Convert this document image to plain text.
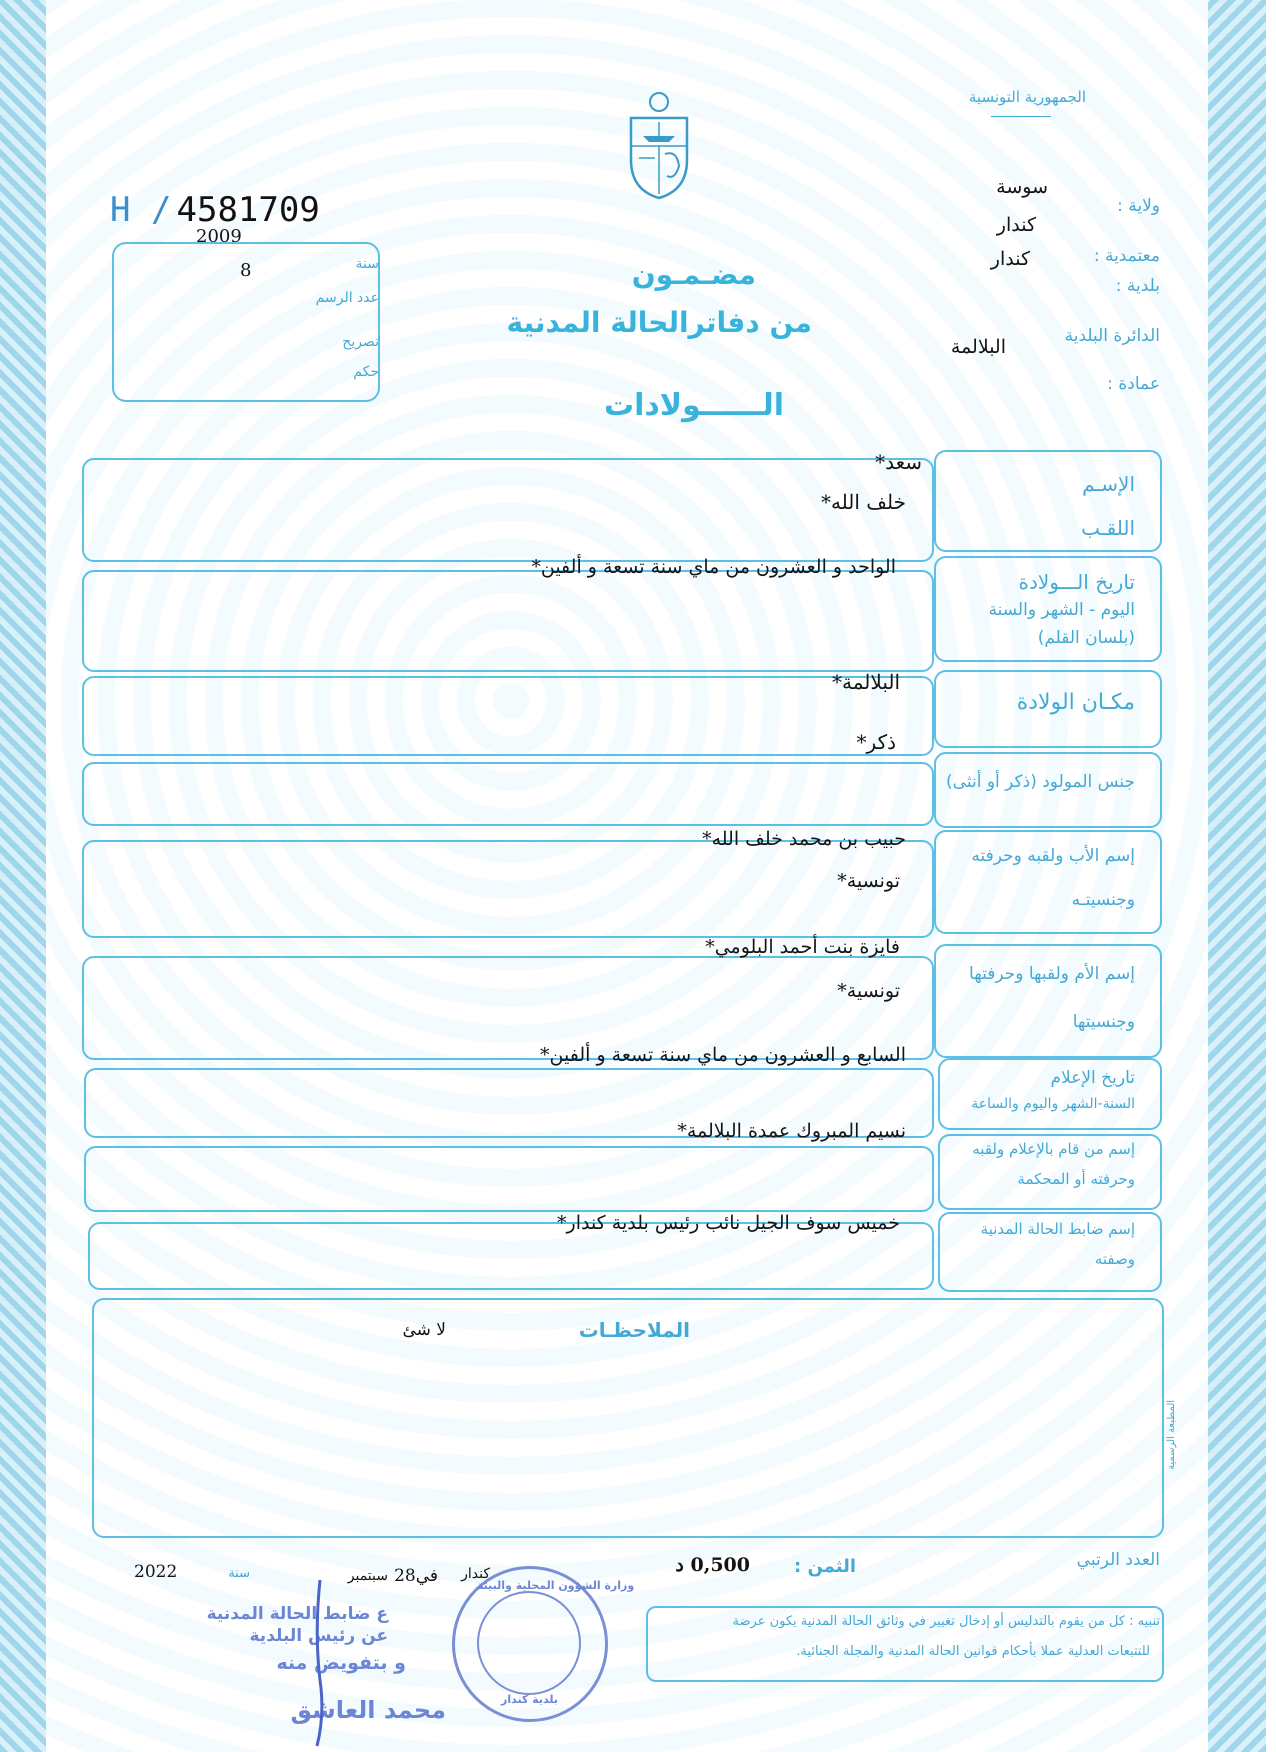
الجمهورية التونسية
H / 4581709
2009
سنة
8
عدد الرسم
تصريح
حكم
ولاية :
سوسة
كندار
معتمدية :
كندار
بلدية :
الدائرة البلدية
البلالمة
عمادة :
مضـمـون
من دفاترالحالة المدنية
الــــــولادات
الإسـم
اللقـب
سعد*
خلف الله*
تاريخ الـــولادة
اليوم - الشهر والسنة
(بلسان القلم)
الواحد و العشرون من ماي سنة تسعة و ألفين*
مكـان الولادة
البلالمة*
جنس المولود (ذكر أو أنثى)
ذكر*
إسم الأب ولقبه وحرفته
وجنسيتـه
حبيب بن محمد خلف الله*
تونسية*
إسم الأم ولقبها وحرفتها
وجنسيتها
فايزة بنت أحمد البلومي*
تونسية*
تاريخ الإعلام
السنة-الشهر واليوم والساعة
السابع و العشرون من ماي سنة تسعة و ألفين*
إسم من قام بالإعلام ولقبه
وحرفته أو المحكمة
نسيم المبروك عمدة البلالمة*
إسم ضابط الحالة المدنية
وصفته
خميس سوف الجيل نائب رئيس بلدية كندار*
الملاحظـات
لا شئ
المطبعة الرسمية
العدد الرتبي
الثمن :
0,500 د
كندار
في28
سبتمبر
سنة
2022
تنبيه : كل من يقوم بالتدليس أو إدخال تغيير في وثائق الحالة المدنية يكون عرضة
للتتبعات العدلية عملا بأحكام قوانين الحالة المدنية والمجلة الجنائية.
وزارة الشؤون المحلية والبيئة
بلدية كندار
ع ضابط الحالة المدنية
عن رئيس البلدية
و بتفويض منه
محمد العاشق
